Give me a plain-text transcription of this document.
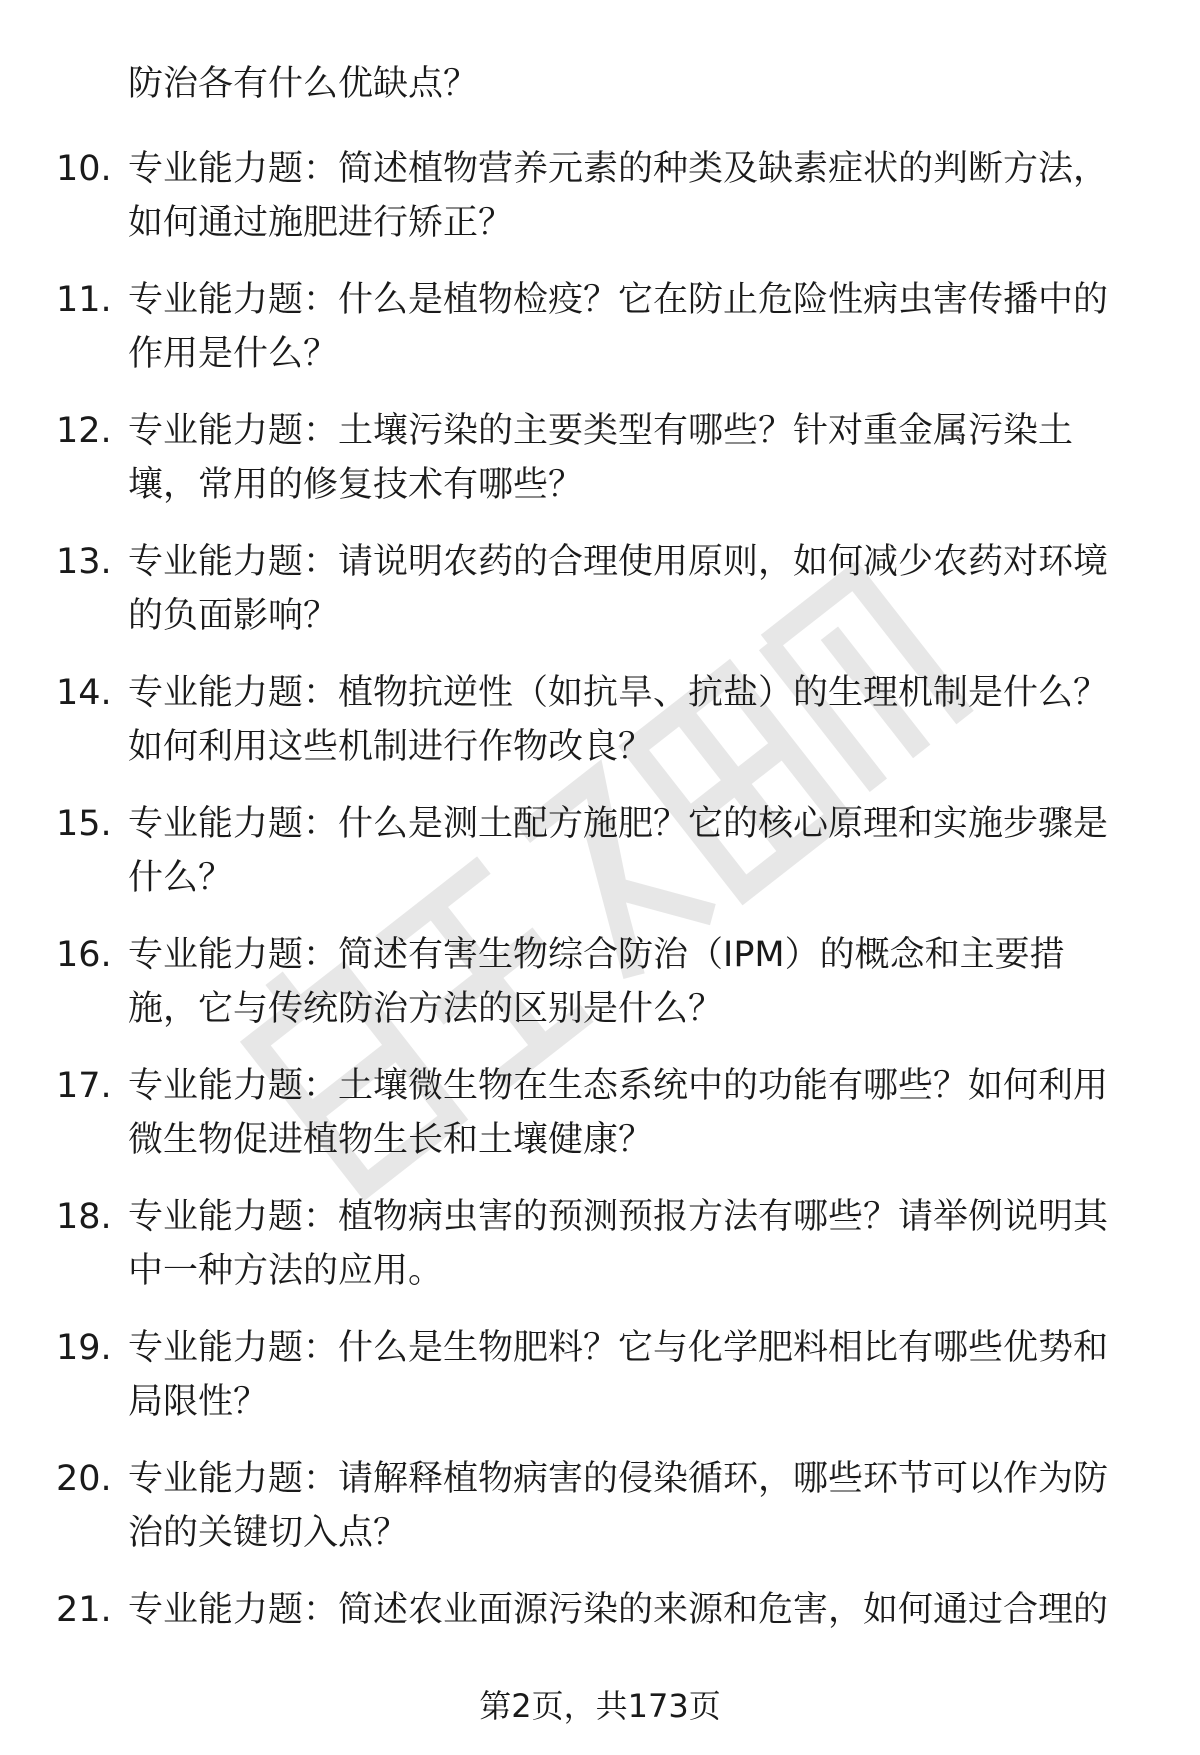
防治各有什么优缺点？
10. 专业能力题：简述植物营养元素的种类及缺素症状的判断方法，
如何通过施肥进行矫正？
11. 专业能力题：什么是植物检疫？它在防止危险性病虫害传播中的
作用是什么？
12. 专业能力题：土壤污染的主要类型有哪些？针对重金属污染土
壤，常用的修复技术有哪些？
13. 专业能力题：请说明农药的合理使用原则，如何减少农药对环境
的负面影响？
14. 专业能力题：植物抗逆性（如抗旱、抗盐）的生理机制是什么？
如何利用这些机制进行作物改良？
15. 专业能力题：什么是测土配方施肥？它的核心原理和实施步骤是
什么？
16. 专业能力题：简述有害生物综合防治（IPM）的概念和主要措
施，它与传统防治方法的区别是什么？
17. 专业能力题：土壤微生物在生态系统中的功能有哪些？如何利用
微生物促进植物生长和土壤健康？
18. 专业能力题：植物病虫害的预测预报方法有哪些？请举例说明其
中一种方法的应用。
19. 专业能力题：什么是生物肥料？它与化学肥料相比有哪些优势和
局限性？
20. 专业能力题：请解释植物病害的侵染循环，哪些环节可以作为防
治的关键切入点？
21. 专业能力题：简述农业面源污染的来源和危害，如何通过合理的
第2页，共173页
